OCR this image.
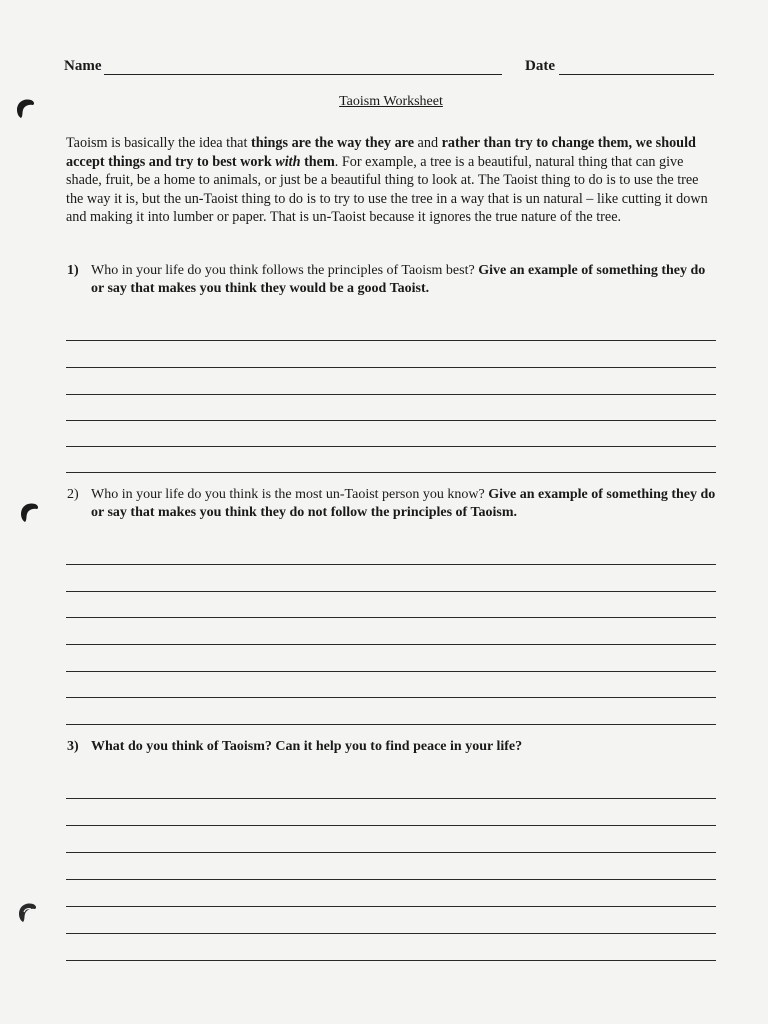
Name	Date
Taoism Worksheet
Taoism is basically the idea that things are the way they are and rather than try to change them, we should accept things and try to best work with them. For example, a tree is a beautiful, natural thing that can give shade, fruit, be a home to animals, or just be a beautiful thing to look at. The Taoist thing to do is to use the tree the way it is, but the un-Taoist thing to do is to try to use the tree in a way that is un natural – like cutting it down and making it into lumber or paper. That is un-Taoist because it ignores the true nature of the tree.
1) Who in your life do you think follows the principles of Taoism best? Give an example of something they do or say that makes you think they would be a good Taoist.
2) Who in your life do you think is the most un-Taoist person you know? Give an example of something they do or say that makes you think they do not follow the principles of Taoism.
3) What do you think of Taoism? Can it help you to find peace in your life?
